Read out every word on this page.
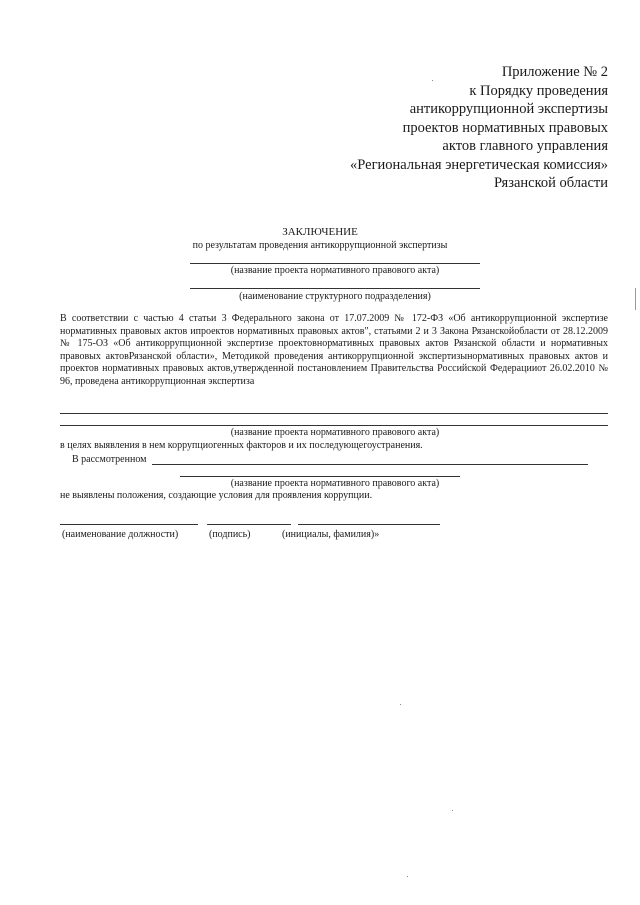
Приложение № 2
к Порядку проведения
антикоррупционной экспертизы
проектов нормативных правовых
актов главного управления
«Региональная энергетическая комиссия»
Рязанской области
ЗАКЛЮЧЕНИЕ
по результатам проведения антикоррупционной экспертизы
(название проекта нормативного правового акта)
(наименование структурного подразделения)
В соответствии с частью 4 статьи 3 Федерального закона от 17.07.2009 № 172-ФЗ «Об антикоррупционной экспертизе нормативных правовых актов ипроектов нормативных правовых актов", статьями 2 и 3 Закона Рязанскойобласти от 28.12.2009 № 175-ОЗ «Об антикоррупционной экспертизе проектовнормативных правовых актов Рязанской области и нормативных правовых актовРязанской области», Методикой проведения антикоррупционной экспертизынормативных правовых актов и проектов нормативных правовых актов,утвержденной постановлением Правительства Российской Федерацииот 26.02.2010 № 96, проведена антикоррупционная экспертиза
(название проекта нормативного правового акта)
в целях выявления в нем коррупциогенных факторов и их последующегоустранения.
В рассмотренном
(название проекта нормативного правового акта)
не выявлены положения, создающие условия для проявления коррупции.
(наименование должности)	(подпись)	(инициалы, фамилия)»
